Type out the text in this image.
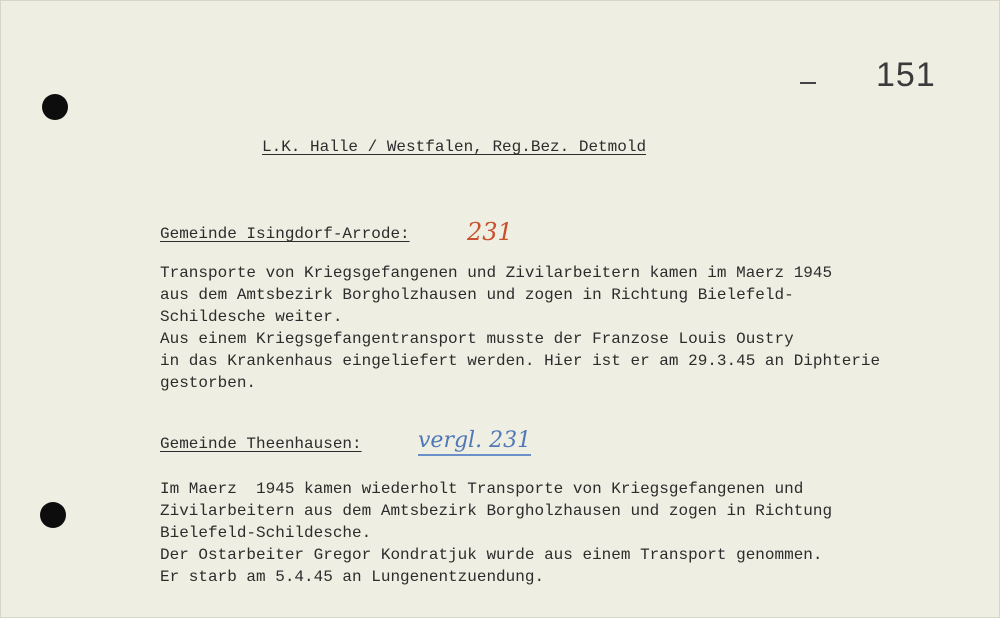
151
L.K. Halle / Westfalen, Reg.Bez. Detmold
Gemeinde Isingdorf-Arrode: 231
Transporte von Kriegsgefangenen und Zivilarbeitern kamen im Maerz 1945
aus dem Amtsbezirk Borgholzhausen und zogen in Richtung Bielefeld-
Schildesche weiter.
Aus einem Kriegsgefangentransport musste der Franzose Louis Oustry
in das Krankenhaus eingeliefert werden. Hier ist er am 29.3.45 an Diphterie
gestorben.
Gemeinde Theenhausen:	vergl. 231
Im Maerz  1945 kamen wiederholt Transporte von Kriegsgefangenen und
Zivilarbeitern aus dem Amtsbezirk Borgholzhausen und zogen in Richtung
Bielefeld-Schildesche.
Der Ostarbeiter Gregor Kondratjuk wurde aus einem Transport genommen.
Er starb am 5.4.45 an Lungenentzuendung.
